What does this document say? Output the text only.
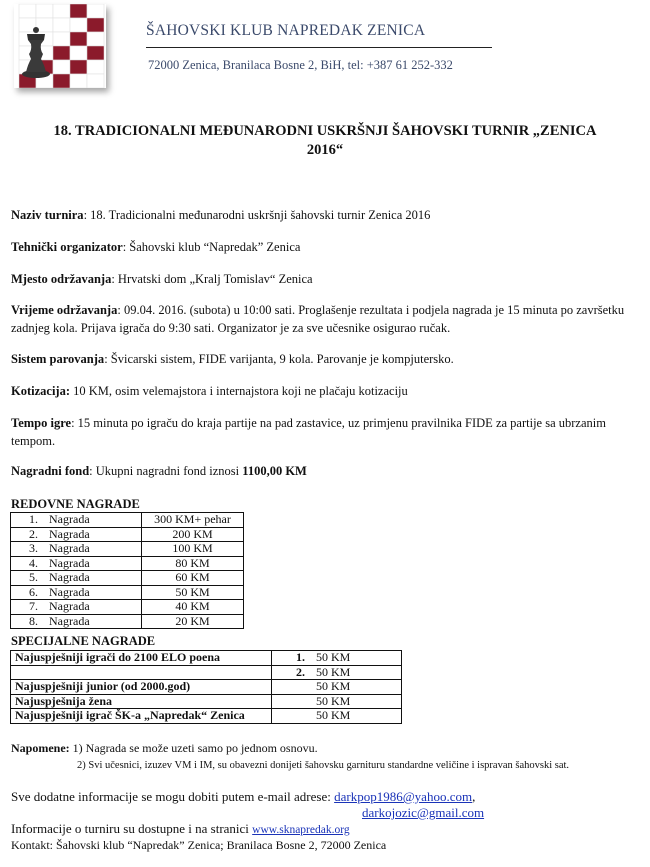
ŠAHOVSKI KLUB NAPREDAK ZENICA
72000 Zenica, Branilaca Bosne 2, BiH, tel: +387 61 252-332
18. TRADICIONALNI MEĐUNARODNI USKRŠNJI ŠAHOVSKI TURNIR „ZENICA
2016“
Naziv turnira: 18. Tradicionalni međunarodni uskršnji šahovski turnir Zenica 2016
Tehnički organizator: Šahovski klub “Napredak” Zenica
Mjesto održavanja: Hrvatski dom „Kralj Tomislav“ Zenica
Vrijeme održavanja: 09.04. 2016. (subota) u 10:00 sati. Proglašenje rezultata i podjela nagrada je 15 minuta po završetku zadnjeg kola. Prijava igrača do 9:30 sati. Organizator je za sve učesnike osigurao ručak.
Sistem parovanja: Švicarski sistem, FIDE varijanta, 9 kola. Parovanje je kompjutersko.
Kotizacija: 10 KM, osim velemajstora i internajstora koji ne plačaju kotizaciju
Tempo igre: 15 minuta po igraču do kraja partije na pad zastavice, uz primjenu pravilnika FIDE za partije sa ubrzanim tempom.
Nagradni fond: Ukupni nagradni fond iznosi 1100,00 KM
REDOVNE NAGRADE
1. Nagrada	300 KM+ pehar
2. Nagrada	200 KM
3. Nagrada	100 KM
4. Nagrada	80 KM
5. Nagrada	60 KM
6. Nagrada	50 KM
7. Nagrada	40 KM
8. Nagrada	20 KM
SPECIJALNE NAGRADE
Najuspješniji igrači do 2100 ELO poena	1. 50 KM
	2. 50 KM
Najuspješniji junior (od 2000.god)	50 KM
Najuspješnija žena	50 KM
Najuspješniji igrač ŠK-a „Napredak“ Zenica	50 KM
Napomene: 1) Nagrada se može uzeti samo po jednom osnovu.
2) Svi učesnici, izuzev VM i IM, su obavezni donijeti šahovsku garnituru standardne veličine i ispravan šahovski sat.
Sve dodatne informacije se mogu dobiti putem e-mail adrese: darkpop1986@yahoo.com,
darkojozic@gmail.com
Informacije o turniru su dostupne i na stranici www.sknapredak.org
Kontakt: Šahovski klub “Napredak” Zenica; Branilaca Bosne 2, 72000 Zenica
